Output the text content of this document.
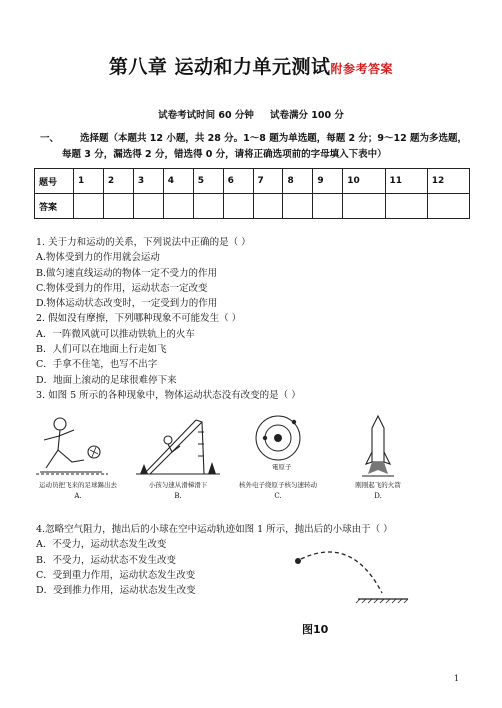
第八章 运动和力单元测试附参考答案
试卷考试时间 60 分钟 试卷满分 100 分
一、 选择题（本题共 12 小题，共 28 分。1～8 题为单选题，每题 2 分；9～12 题为多选题，
每题 3 分，漏选得 2 分，错选得 0 分，请将正确选项前的字母填入下表中）
题号	1	2	3	4	5	6	7	8	9	10	11	12
答案												
1. 关于力和运动的关系，下列说法中正确的是（ ）
A.物体受到力的作用就会运动
B.做匀速直线运动的物体一定不受力的作用
C.物体受到力的作用，运动状态一定改变
D.物体运动状态改变时，一定受到力的作用
2. 假如没有摩擦，下列哪种现象不可能发生（ ）
A．一阵微风就可以推动铁轨上的火车
B．人们可以在地面上行走如飞
C．手拿不住笔，也写不出字
D．地面上滚动的足球很难停下来
3. 如图 5 所示的各种现象中，物体运动状态没有改变的是（ ）
运动员把飞来的足球踢出去
A.
小孩匀速从滑梯滑下
B.
電原子
核外电子绕原子核匀速转动
C.
刚刚起飞的火箭
D.
4.忽略空气阻力，抛出后的小球在空中运动轨迹如图 1 所示，抛出后的小球由于（ ）
A．不受力，运动状态发生改变
B．不受力，运动状态不发生改变
C．受到重力作用，运动状态发生改变
D．受到推力作用，运动状态发生改变
图10
1
